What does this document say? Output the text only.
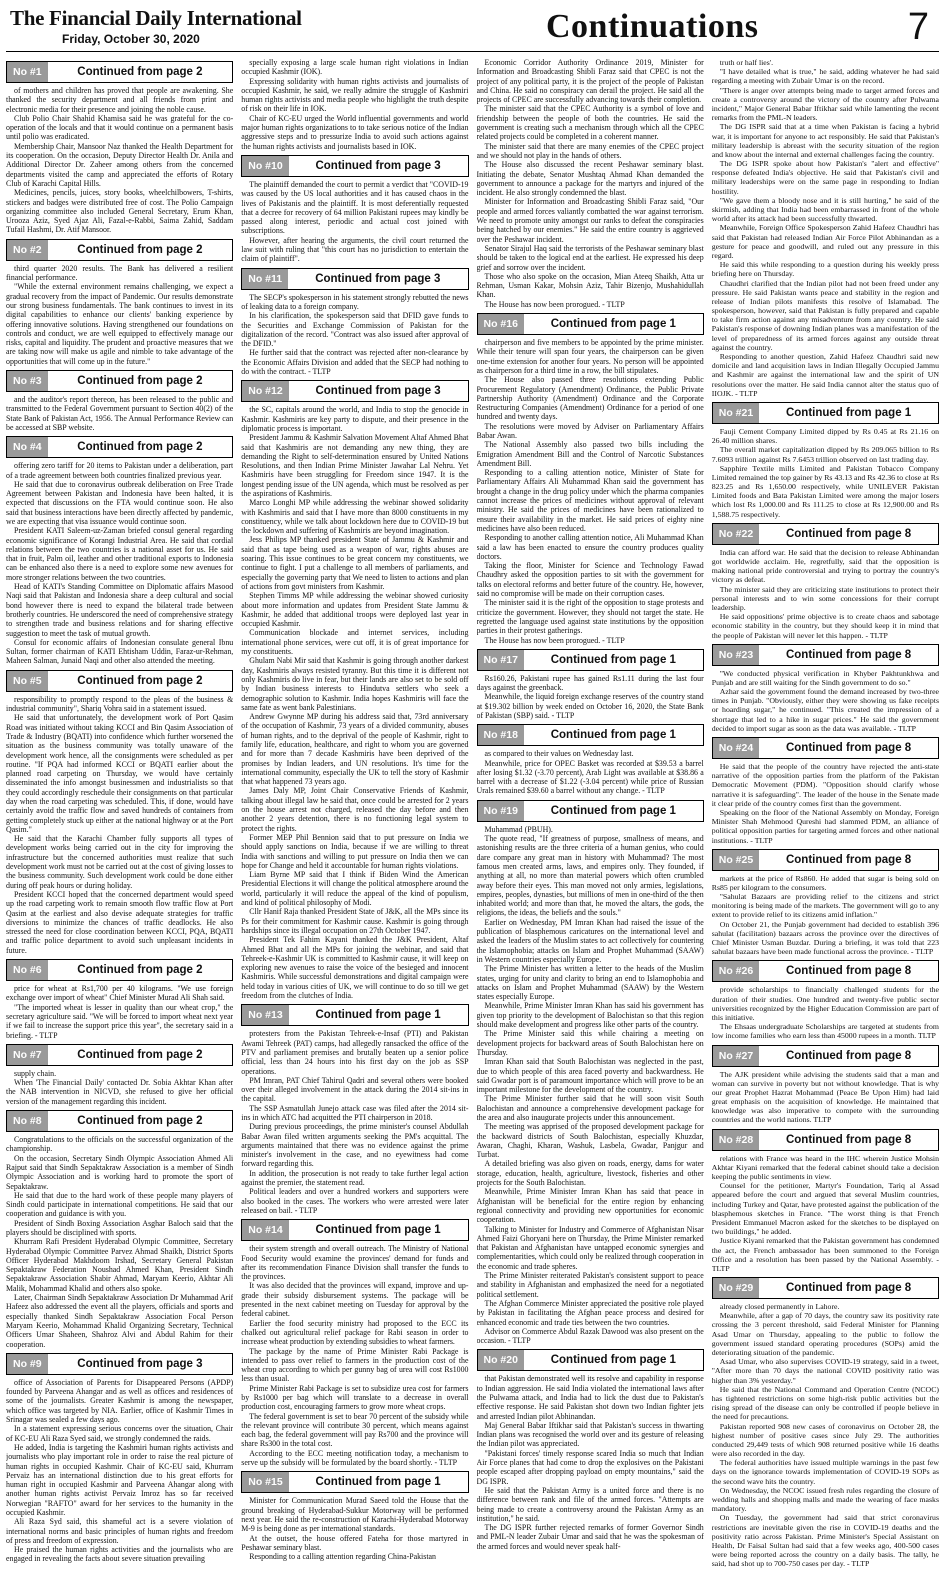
The Financial Daily International
Friday, October 30, 2020	Continuations	7
No #1	Continued from page 2

of mothers and children has proved that people are awakening. She thanked the security department and all friends from print and electronic media for their presence and joining the noble cause.

Club Polio Chair Shahid Khamisa said he was grateful for the co-operation of the locals and that it would continue on a permanent basis until polio was eradicated.

Membership Chair, Mansoor Naz thanked the Health Department for its cooperation. On the occasion, Deputy Director Health Dr. Anila and Additional Director Dr. Zaheer among others from the concerned departments visited the camp and appreciated the efforts of Rotary Club of Karachi Capital Hills.

Medicines, pencils, juices, story books, wheelchilbowers, T-shirts, stickers and badges were distributed free of cost. The Polio Campaign organizing committee also included General Secretary, Erum Khan, Urooza Aziz, Syed Ajaz Ali, Fazal-e-Rabbi, Saima Zahid, Saddam Tufail Hashmi, Dr. Atif Mansoor.

No #2	Continued from page 2

third quarter 2020 results. The Bank has delivered a resilient financial performance.

"While the external environment remains challenging, we expect a gradual recovery from the impact of Pandemic. Our results demonstrate our strong business fundamentals. The bank continues to invest in its digital capabilities to enhance our clients' banking experience by offering innovative solutions. Having strengthened our foundations on controls and conduct, we are well equipped to effectively manage our risks, capital and liquidity. The prudent and proactive measures that we are taking now will make us agile and nimble to take advantage of the opportunities that will come up in the future."

No #3	Continued from page 2

and the auditor's report thereon, has been released to the public and transmitted to the Federal Government pursuant to Section 40(2) of the State Bank of Pakistan Act, 1956. The Annual Performance Review can be accessed at SBP website.

No #4	Continued from page 2

offering zero tariff for 20 items to Pakistan under a deliberation, part of a trade agreement between both countries finalized previous year.

He said that due to coronavirus outbreak deliberation on Free Trade Agreement between Pakistan and Indonesia have been halted, it is expected that discussions on the FTA would continue soon. He also said that business interactions have been directly affected by pandemic, we are expecting that visa issuance would continue soon.

President KATI Saleem-uz-Zaman briefed consul general regarding economic significance of Korangi Industrial Area. He said that cordial relations between the two countries is a national asset for us. He said that in fruit, Palm oil, leather and other traditional exports to Indonesia can be enhanced also there is a need to explore some new avenues for more stronger relations between the two countries.

Head of KATI's Standing Committee on Diplomatic affairs Masood Naqi said that Pakistan and Indonesia share a deep cultural and social bond however there is need to expand the bilateral trade between brotherly countries. He underscored the need of comprehensive strategy to strengthen trade and business relations and for sharing effective suggestion to meet the task of mutual growth.

Consul for economic affairs of Indonesian consulate general Ibnu Sultan, former chairman of KATI Ehtisham Uddin, Faraz-ur-Rehman, Maheen Salman, Junaid Naqi and other also attended the meeting.

No #5	Continued from page 2

responsibility to promptly respond to the pleas of the business & industrial community", Shariq Vohra said in a statement issued.

He said that unfortunately, the development work of Port Qasim Road was initiated without taking KCCI and Bin Qasim Association of Trade & Industry (BQATI) into confidence which further worsened the situation as the business community was totally unaware of the development work hence, all the consignments were scheduled as per routine. "If PQA had informed KCCI or BQATI earlier about the planned road carpeting on Thursday, we would have certainly disseminated the info amongst businessmen and industrialists so that they could accordingly reschedule their consignments on that particular day when the road carpeting was scheduled. This, if done, would have certainly avoid the traffic flow and saved hundreds of containers from getting completely stuck up either at the national highway or at the Port Qasim."

He said that the Karachi Chamber fully supports all types of development works being carried out in the city for improving the infrastructure but the concerned authorities must realize that such development work must not be carried out at the cost of giving losses to the business community. Such development work could be done either during off peak hours or during holiday.

President KCCI hoped that the concerned department would speed up the road carpeting work to remain smooth flow traffic flow at Port Qasim at the earliest and also devise adequate strategies for traffic diversions to minimize the chances of traffic deadlocks. He also stressed the need for close coordination between KCCI, PQA, BQATI and traffic police department to avoid such unpleasant incidents in future.

No #6	Continued from page 2

price for wheat at Rs1,700 per 40 kilograms. "We use foreign exchange over import of wheat" Chief Minister Murad Ali Shah said.

"The imported wheat is lesser in quality than our wheat crop," the secretary agriculture said. "We will be forced to import wheat next year if we fail to increase the support price this year", the secretary said in a briefing. - TLTP

No #7	Continued from page 2

supply chain.

When 'The Financial Daily' contacted Dr. Sobia Akhtar Khan after the NAB intervention in NICVD, she refused to give her official version of the management regarding this incident.

No #8	Continued from page 2

Congratulations to the officials on the successful organization of the championship.

On the occasion, Secretary Sindh Olympic Association Ahmed Ali Rajput said that Sindh Sepaktakraw Association is a member of Sindh Olympic Association and is working hard to promote the sport of Sepaktakraw.

He said that due to the hard work of these people many players of Sindh could participate in international competitions. He said that our cooperation and guidance is with you.

President of Sindh Boxing Association Asghar Baloch said that the players should be disciplined with sports.

Khurram Rafi President Hyderabad Olympic Committee, Secretary Hyderabad Olympic Committee Parvez Ahmad Shaikh, District Sports Officer Hyderabad Makhdoom Irshad, Secretary General Pakistan Sepaktakraw Federation Noushad Ahmed Khan, President Sindh Sepaktakraw Association Shabir Ahmad, Maryam Keerio, Akhtar Ali Malik, Mohammad Khalid and others also spoke.

Later, Chairman Sindh Sepaktakraw Association Dr Muhammad Arif Hafeez also addressed the event all the players, officials and sports and especially thanked Sindh Sepaktakraw Association Focal Person Maryam Keerio, Mohammad Khalid Organizing Secretary, Technical Officers Umar Shaheen, Shahroz Alvi and Abdul Rahim for their cooperation.

No #9	Continued from page 3

office of Association of Parents for Disappeared Persons (APDP) founded by Parveena Ahangar and as well as offices and residences of some of the journalists. Greater Kashmir is among the newspaper, which office was targeted by NIA. Earlier, office of Kashmir Times in Srinagar was sealed a few days ago.

In a statement expressing serious concerns over the situation, Chair of KC-EU Ali Raza Syed said, we strongly condemned the raids.

He added, India is targeting the Kashmiri human rights activists and journalists who play important role in order to raise the real picture of human rights in occupied Kashmir. Chair of KC-EU said, Khurram Pervaiz has an international distinction due to his great efforts for human right in occupied Kashmir and Parveena Ahangar along with another human rights activist Pervaiz Imroz has so far received Norwegian "RAFTO" award for her services to the humanity in the occupied Kashmir.

Ali Raza Syd said, this shameful act is a severe violation of international norms and basic principles of human rights and freedom of press and freedom of expression.

He praised the human rights activities and the journalists who are engaged in revealing the facts about severe situation prevailing

specially exposing a large scale human right violations in Indian occupied Kashmir (IOK).

Expressing solidarity with human rights activists and journalists of occupied Kashmir, he said, we really admire the struggle of Kashmiri human rights activists and media people who highlight the truth despite of risk on their life in IOK.

Chair of KC-EU urged the World influential governments and world major human rights organizations to to take serious notice of the Indian aggressive steps and to pressurize India to avoid such actions against the human rights activists and journalists based in IOK.

No #10	Continued from page 3

The plaintiff demanded the court to permit a verdict that "COVID-19 was caused by the US local authorities and it has caused chaos in the lives of Pakistanis and the plaintiff. It is most deferentially requested that a decree for recovery of 64 million Pakistani rupees may kindly be passed along interest, periodic and actual cost joined with subscriptions.

However, after hearing the arguments, the civil court returned the law suit with ruling that "this court has no jurisdiction to entertain the claim of plaintiff".

No #11	Continued from page 3

The SECP's spokesperson in his statement strongly rebutted the news of leaking data to a foreign company.

In his clarification, the spokesperson said that DFID gave funds to the Securities and Exchange Commission of Pakistan for the digitalization of the record. "Contract was also issued after approval of the DFID."

He further said that the contract was rejected after non-clearance by the Economic Affairs Division and added that the SECP had nothing to do with the contract. - TLTP

No #12	Continued from page 3

the SC, capitals around the world, and India to stop the genocide in Kashmir. Kashmiris are key party to dispute, and their presence in the diplomatic process is important.

President Jammu & Kashmir Salvation Movement Altaf Ahmed Bhat said that Kashmiris are not demanding any new thing, they are demanding the Right to self-determination ensured by United Nations Resolutions, and then Indian Prime Minister Jawahar Lal Nehru. Yet Kashmiris have been struggling for Freedom since 1947. It is the longest pending issue of the UN agenda, which must be resolved as per the aspirations of Kashmiris.

Marco Longhi MP while addressing the webinar showed solidarity with Kashmiris and said that I have more than 8000 constituents in my constituency, while we talk about lockdown here due to COVID-19 but the lockdown and suffering of Kashmiris are beyond imagination.

Jess Philips MP thanked president State of Jammu & Kashmir and said that as tape being used as a weapon of war, rights abuses are soaring. This issue continues to be great concern my constituents, we continue to fight. I put a challenge to all members of parliaments, and especially the governing party that We need to listen to actions and plan of actions from govt ministers from Kashmir.

Stephen Timms MP while addressing the webinar showed curiosity about more information and updates from President State Jammu & Kashmir, he added that additional troops were deployed last year in occupied Kashmir.

Communication blockade and internet services, including international phone services, were cut off, it is of great importance for my constituents.

Ghulam Nabi Mir said that Kashmir is going through another darkest day, Kashmiris always resisted tyranny. But this time it is different not only Kashmiris do live in fear, but their lands are also set to be sold off by Indian business interests to Hindutva settlers who seek a demographic solution to Kashmir. India hopes Kashmiris will face the same fate as went bank Palestinians.

Andrew Gwynne MP during his address said that, 73rd anniversary of the occupation of Kashmir, 73 years of a divided community, abuses of human rights, and to the deprival of the people of Kashmir, right to family life, education, healthcare, and right to whom you are governed and for more than 7 decade Kashmiris have been deprived of the promises by Indian leaders, and UN resolutions. It's time for the international community, especially the UK to tell the story of Kashmir that what happened 73 years ago.

James Daly MP, Joint Chair Conservative Friends of Kashmir, talking about illegal law he said that, once could be arrested for 2 years on the house arrest not charged, released the day before and then another 2 years detention, there is no functioning legal system to protect the rights.

Former MEP Phil Bennion said that to put pressure on India we should apply sanctions on India, because if we are willing to threat India with sanctions and willing to put pressure on India then we can hope for Change and held it accountable for human rights violations.

Liam Byrne MP said that I think if Biden Wind the American Presidential Elections it will change the political atmosphere around the world, particularly it will reduce the appeal of the kind of populism, and kind of political philosophy of Modi.

Cllr Hanif Raja thanked President State of J&K, all the MPs since its Ps for their commitment for Kashmir cause. Kashmir is going through hardships since its illegal occupation on 27th October 1947.

President Tek Fahim Kayani thanked the J&K President, Altaf Ahmed Bhat and all the MPs for joining the webinar, and said that Tehreek-e-Kashmir UK is committed to Kashmir cause, it will keep on exploring new avenues to raise the voice of the besieged and innocent Kashmiris. While successful demonstrations and digital campaign were held today in various cities of UK, we will continue to do so till we get freedom from the clutches of India.

No #13	Continued from page 1

protesters from the Pakistan Tehreek-e-Insaf (PTI) and Pakistan Awami Tehreek (PAT) camps, had allegedly ransacked the office of the PTV and parliament premises and brutally beaten up a senior police official, less than 24 hours into his first day on the job as SSP operations.

PM Imran, PAT Chief Tahirul Qadri and several others were booked over their alleged involvement in the attack during the 2014 sit-ins in the capital.

The SSP Asmatullah Junejo attack case was filed after the 2014 sit-ins in which ATC had acquitted the PTI chairperson in 2018.

During previous proceedings, the prime minister's counsel Abdullah Babar Awan filed written arguments seeking the PM's acquittal. The arguments maintained that there was no evidence against the prime minister's involvement in the case, and no eyewitness had come forward regarding this.

In addition, the prosecution is not ready to take further legal action against the premier, the statement read.

Political leaders and over a hundred workers and supporters were also booked in the cases. The workers who were arrested were later released on bail. - TLTP

No #14	Continued from page 1

their system strength and overall outreach. The Ministry of National Food Security would examine the provinces' demand for funds and after its recommendation Finance Division shall transfer the funds to the provinces.

It was also decided that the provinces will expand, improve and up-grade their subsidy disbursement systems. The package will be presented in the next cabinet meeting on Tuesday for approval by the federal cabinet.

Earlier the food security ministry had proposed to the ECC its chalked out agricultural relief package for Rabi season in order to increase wheat production by extending subsidies to wheat farmers.

The package by the name of Prime Minister Rabi Package is intended to pass over relief to farmers in the production cost of the wheat crop according to which per gunny bag of urea will cost Rs1000 less than usual.

Prime Minister Rabi Package is set to subsidize urea cost for farmers by Rs1000 per bag which will translate to a decrease in overall production cost, encouraging farmers to grow more wheat crops.

The federal government is set to bear 70 percent of the subsidy while the relevant province will contribute 30 percent, which means against each bag, the federal government will pay Rs700 and the province will share Rs300 in the total cost.

According to the ECC meeting notification today, a mechanism to serve up the subsidy will be formulated by the board shortly. - TLTP

No #15	Continued from page 1

Minister for Communication Murad Saeed told the House that the ground breaking of Hyderabad-Sukkur Motorway will be performed next year. He said the re-construction of Karachi-Hyderabad Motorway M-9 is being done as per international standards.

At the outset, the house offered Fateha for those martyred in Peshawar seminary blast.

Responding to a calling attention regarding China-Pakistan

Economic Corridor Authority Ordinance 2019, Minister for Information and Broadcasting Shibli Faraz said that CPEC is not the project of any political party, it is the project of the people of Pakistan and China. He said no conspiracy can derail the project. He said all the projects of CPEC are successfully advancing towards their completion.

The minister said that the CPEC Authority is a symbol of love and friendship between the people of both the countries. He said the government is creating such a mechanism through which all the CPEC related projects could be completed in a coherent manner.

The minister said that there are many enemies of the CPEC project and we should not play in the hands of others.

The House also discussed the recent Peshawar seminary blast. Initiating the debate, Senator Mushtaq Ahmad Khan demanded the government to announce a package for the martyrs and injured of the incident. He also strongly condemned the blast.

Minister for Information and Broadcasting Shibli Faraz said, "Our people and armed forces valiantly combatted the war against terrorism. We need to promote unity amongst our ranks to defeat the conspiracies being hatched by our enemies." He said the entire country is aggrieved over the Peshawar incident.

Senator Sirajul Haq said the terrorists of the Peshawar seminary blast should be taken to the logical end at the earliest. He expressed his deep grief and sorrow over the incident.

Those who also spoke on the occasion, Mian Ateeq Shaikh, Atta ur Rehman, Usman Kakar, Mohsin Aziz, Tahir Bizenjo, Mushahidullah Khan.

The House has now been prorogued. - TLTP

No #16	Continued from page 1

chairperson and five members to be appointed by the prime minister. While their tenure will span four years, the chairperson can be given one-time extension for another four years. No person will be appointed as chairperson for a third time in a row, the bill stipulates.

The House also passed three resolutions extending Public Procurement Regulatory (Amendment) Ordinance, the Public Private Partnership Authority (Amendment) Ordinance and the Corporate Restructuring Companies (Amendment) Ordinance for a period of one hundred and twenty days.

The resolutions were moved by Adviser on Parliamentary Affairs Babar Awan.

The National Assembly also passed two bills including the Emigration Amendment Bill and the Control of Narcotic Substances Amendment Bill.

Responding to a calling attention notice, Minister of State for Parliamentary Affairs Ali Muhammad Khan said the government has brought a change in the drug policy under which the pharma companies cannot increase the prices of medicines without approval of relevant ministry. He said the prices of medicines have been rationalized to ensure their availability in the market. He said prices of eighty nine medicines have also been reduced.

Responding to another calling attention notice, Ali Muhammad Khan said a law has been enacted to ensure the country produces quality doctors.

Taking the floor, Minister for Science and Technology Fawad Chaudhry asked the opposition parties to sit with the government for talks on electoral reforms and better future of the country. He, however, said no compromise will be made on their corruption cases.

The minister said it is the right of the opposition to stage protests and criticize the government. However, they should not target the state. He regretted the language used against state institutions by the opposition parties in their protest gatherings.

The House has now been prorogued. - TLTP

No #17	Continued from page 1

Rs160.26, Pakistani rupee has gained Rs1.11 during the last four days against the greenback.

Meanwhile, the liquid foreign exchange reserves of the country stand at $19.302 billion by week ended on October 16, 2020, the State Bank of Pakistan (SBP) said. - TLTP

No #18	Continued from page 1

as compared to their values on Wednesday last.

Meanwhile, price for OPEC Basket was recorded at $39.53 a barrel after losing $1.32 (-3.70 percent), Arab Light was available at $38.86 a barrel with a decrease of $1.22 (-3.04 percent) while price of Russian Urals remained $39.60 a barrel without any change. - TLTP

No #19	Continued from page 1

Muhammad (PBUH).

The quote read, "If greatness of purpose, smallness of means, and astonishing results are the three criteria of a human genius, who could dare compare any great man in history with Muhammad? The most famous men created arms, laws, and empires only. They founded, if anything at all, no more than material powers which often crumbled away before their eyes. This man moved not only armies, legislations, empires, peoples, dynasties, but millions of men in one-third of the then inhabited world; and more than that, he moved the altars, the gods, the religions, the ideas, the beliefs and the souls."

Earlier on Wednesday, PM Imran Khan had raised the issue of the publication of blasphemous caricatures on the international level and asked the leaders of the Muslim states to act collectively for countering the Islamophobia; attacks on Islam and Prophet Muhammad (SAAW) in Western countries especially Europe.

The Prime Minister has written a letter to the heads of the Muslim states, urging for unity and clarity to bring an end to Islamophobia and attacks on Islam and Prophet Muhammad (SAAW) by the Western states especially Europe.

Meanwhile, Prime Minister Imran Khan has said his government has given top priority to the development of Balochistan so that this region should make development and progress like other parts of the country.

The Prime Minister said this while chairing a meeting on development projects for backward areas of South Balochistan here on Thursday.

Imran Khan said that South Balochistan was neglected in the past, due to which people of this area faced poverty and backwardness. He said Gwadar port is of paramount importance which will prove to be an important milestone for the development of the country.

The Prime Minister further said that he will soon visit South Balochistan and announce a comprehensive development package for the area and also inaugurate projects under this announcement.

The meeting was apprised of the proposed development package for the backward districts of South Balochistan, especially Khuzdar, Awaran, Chaghi, Kharan, Washuk, Lasbela, Gwadar, Panjgur and Turbat.

A detailed briefing was also given on roads, energy, dams for water storage, education, health, agriculture, livestock, fisheries and other projects for the South Balochistan.

Meanwhile, Prime Minister Imran Khan has said that peace in Afghanistan will be beneficial for the entire region by enhancing regional connectivity and providing new opportunities for economic cooperation.

Talking to Minister for Industry and Commerce of Afghanistan Nisar Ahmed Faizi Ghoryani here on Thursday, the Prime Minister remarked that Pakistan and Afghanistan have untapped economic synergies and complementarities, which could only be realized through cooperation in the economic and trade spheres.

The Prime Minister reiterated Pakistan's consistent support to peace and stability in Afghanistan and emphasized the need for a negotiated political settlement.

The Afghan Commerce Minister appreciated the positive role played by Pakistan in facilitating the Afghan peace process and desired for enhanced economic and trade ties between the two countries.

Advisor on Commerce Abdul Razak Dawood was also present on the occasion. - TLTP

No #20	Continued from page 1

that Pakistan demonstrated well its resolve and capability in response to Indian aggression. He said India violated the international laws after the Pulwama attack, and India had to lick the dust due to Pakistan's effective response. He said Pakistan shot down two Indian fighter jets and arrested Indian pilot Abhinandan.

Maj General Babar Iftikhar said that Pakistan's success in thwarting Indian plans was recognised the world over and its gesture of releasing the Indian pilot was appreciated.

"Pakistani forces' timely response scared India so much that Indian Air Force planes that had come to drop the explosives on the Pakistani people escaped after dropping payload on empty mountains," said the DG ISPR.

He said that the Pakistan Army is a united force and there is no difference between rank and file of the armed forces. "Attempts are being made to create a controversy around the Pakistan Army as an institution," he said.

The DG ISPR further rejected remarks of former Governor Sindh and PML-N leader Zubair Umar and said that he was the spokesman of the armed forces and would never speak half-

truth or half lies'.

"I have detailed what is true," he said, adding whatever he had said regarding a meeting with Zubair Umar is on the record.

"There is anger over attempts being made to target armed forces and create a controversy around the victory of the country after Pulwama incident," Major General Babar Iftikhar said while lamenting the recent remarks from the PML-N leaders.

The DG ISPR said that at a time when Pakistan is facing a hybrid war, it is important for anyone to act responsibly. He said that Pakistan's military leadership is abreast with the security situation of the region and know about the internal and external challenges facing the country.

The DG ISPR spoke about how Pakistan's "alert and effective" response defeated India's objective. He said that Pakistan's civil and military leaderships were on the same page in responding to Indian hostility.

"We gave them a bloody nose and it is still hurting," he said of the skirmish, adding that India had been embarrassed in front of the whole world after its attack had been successfully thwarted.

Meanwhile, Foreign Office Spokesperson Zahid Hafeez Chaudhri has said that Pakistan had released Indian Air Force Pilot Abhinandan as a gesture for peace and goodwill, and ruled out any pressure in this regard.

He said this while responding to a question during his weekly press briefing here on Thursday.

Chaudhri clarified that the Indian pilot had not been freed under any pressure. He said Pakistan wants peace and stability in the region and release of Indian pilots manifests this resolve of Islamabad. The spokesperson, however, said that Pakistan is fully prepared and capable to take firm action against any misadventure from any country. He said Pakistan's response of downing Indian planes was a manifestation of the level of preparedness of its armed forces against any outside threat against the country.

Responding to another question, Zahid Hafeez Chaudhri said new domicile and land acquisition laws in Indian Illegally Occupied Jammu and Kashmir are against the international law and the spirit of UN resolutions over the matter. He said India cannot alter the status quo of IIOJK. - TLTP

No #21	Continued from page 1

Fauji Cement Company Limited dipped by Rs 0.45 at Rs 21.16 on 26.40 million shares.

The overall market capitalization dipped by Rs 209.065 billion to Rs 7.6093 trillion against Rs 7.6453 trillion observed on last trading day.

Sapphire Textile mills Limited and Pakistan Tobacco Company Limited remained the top gainer by Rs 43.13 and Rs 42.36 to close at Rs 823.25 and Rs 1,650.00 respectively, while UNILEVER Pakistan Limited foods and Bata Pakistan Limited were among the major losers which lost Rs 1,000.00 and Rs 111.25 to close at Rs 12,900.00 and Rs 1,588.75 respectively.

No #22	Continued from page 8

India can afford war. He said that the decision to release Abhinandan got worldwide acclaim. He, regretfully, said that the opposition is making national pride controversial and trying to portray the country's victory as defeat.

The minister said they are criticizing state institutions to protect their personal interests and to win some concessions for their corrupt leadership.

He said oppositions' prime objective is to create chaos and sabotage economic stability in the country, but they should keep it in mind that the people of Pakistan will never let this happen. - TLTP

No #23	Continued from page 8

"We conducted physical verification in Khyber Pakhtunkhwa and Punjab and are still waiting for the Sindh government to do so."

Azhar said the government found the demand increased by two-three times in Punjab. "Obviously, either they were showing us fake receipts or hoarding sugar," he continued. "This created the impression of a shortage that led to a hike in sugar prices." He said the government decided to import sugar as soon as the data was available. - TLTP

No #24	Continued from page 8

He said that the people of the country have rejected the anti-state narrative of the opposition parties from the platform of the Pakistan Democratic Movement (PDM). "Opposition should clarify whose narrative it is safeguarding". The leader of the house in the Senate made it clear pride of the country comes first than the government.

Speaking on the floor of the National Assembly on Monday, Foreign Minister Shah Mehmood Qureshi had slammed PDM, an alliance of political opposition parties for targeting armed forces and other national institutions. - TLTP

No #25	Continued from page 8

markets at the price of Rs860. He added that sugar is being sold on Rs85 per kilogram to the consumers.

"Sahulat Bazaars are providing relief to the citizens and strict monitoring is being made of the markets. The government will go to any extent to provide relief to its citizens amid inflation."

On October 21, the Punjab government had decided to establish 396 sahulat (facilitation) bazaars across the province over the directives of Chief Minister Usman Buzdar. During a briefing, it was told that 223 sahulat bazaars have been made functional across the province. - TLTP

No #26	Continued from page 8

provide scholarships to financially challenged students for the duration of their studies. One hundred and twenty-five public sector universities recognized by the Higher Education Commission are part of this initiative.

The Ehsaas undergraduate Scholarships are targeted at students from low income families who earn less than 45000 rupees in a month. TLTP

No #27	Continued from page 8

The AJK president while advising the students said that a man and woman can survive in poverty but not without knowledge. That is why our great Prophet Hazrat Mohammad (Peace Be Upon Him) had laid great emphasis on the acquisition of knowledge. He maintained that knowledge was also imperative to compete with the surrounding countries and the world nations. TLTP

No #28	Continued from page 8

relations with France was heard in the IHC wherein Justice Mohsin Akhtar Kiyani remarked that the federal cabinet should take a decision keeping the public sentiments in view.

Counsel for the petitioner, Martyr's Foundation, Tariq al Assad appeared before the court and argued that several Muslim countries, including Turkey and Qatar, have protested against the publication of the blasphemous sketches in France. "The worst thing is that French President Emmanuel Macron asked for the sketches to be displayed on two buildings," he added.

Justice Kiyani remarked that the Pakistan government has condemned the act, the French ambassador has been summoned to the Foreign Office and a resolution has been passed by the National Assembly. - TLTP

No #29	Continued from page 8

already closed permanently in Lahore.

Meanwhile, after a gap of 70 days, the country saw its positivity rate crossing the 3 percent threshold, said Federal Minister for Planning Asad Umar on Thursday, appealing to the public to follow the government issued standard operating procedures (SOPs) amid the deteriorating situation of the pandemic.

Asad Umar, who also supervises COVID-19 strategy, said in a tweet, "After more than 70 days the national COVID positivity ratio was higher than 3% yesterday."

He said that the National Command and Operation Centre (NCOC) has tightened restrictions on some high-risk public activities but the rising spread of the disease can only be controlled if people believe in the need for precautions.

Pakistan reported 908 new cases of coronavirus on October 28, the highest number of positive cases since July 29. The authorities conducted 29,449 tests of which 908 returned positive while 16 deaths were also recorded in the day.

The federal authorities have issued multiple warnings in the past few days on the ignorance towards implementation of COVID-19 SOPs as the second wave hits the country.

On Wednesday, the NCOC issued fresh rules regarding the closure of wedding halls and shopping malls and made the wearing of face masks mandatory.

On Tuesday, the government had said that strict coronavirus restrictions are inevitable given the rise in COVID-19 deaths and the positivity ratio across Pakistan. Prime Minister's Special Assistant on Health, Dr Faisal Sultan had said that a few weeks ago, 400-500 cases were being reported across the country on a daily basis. The tally, he said, had shot up to 700-750 cases per day. - TLTP
